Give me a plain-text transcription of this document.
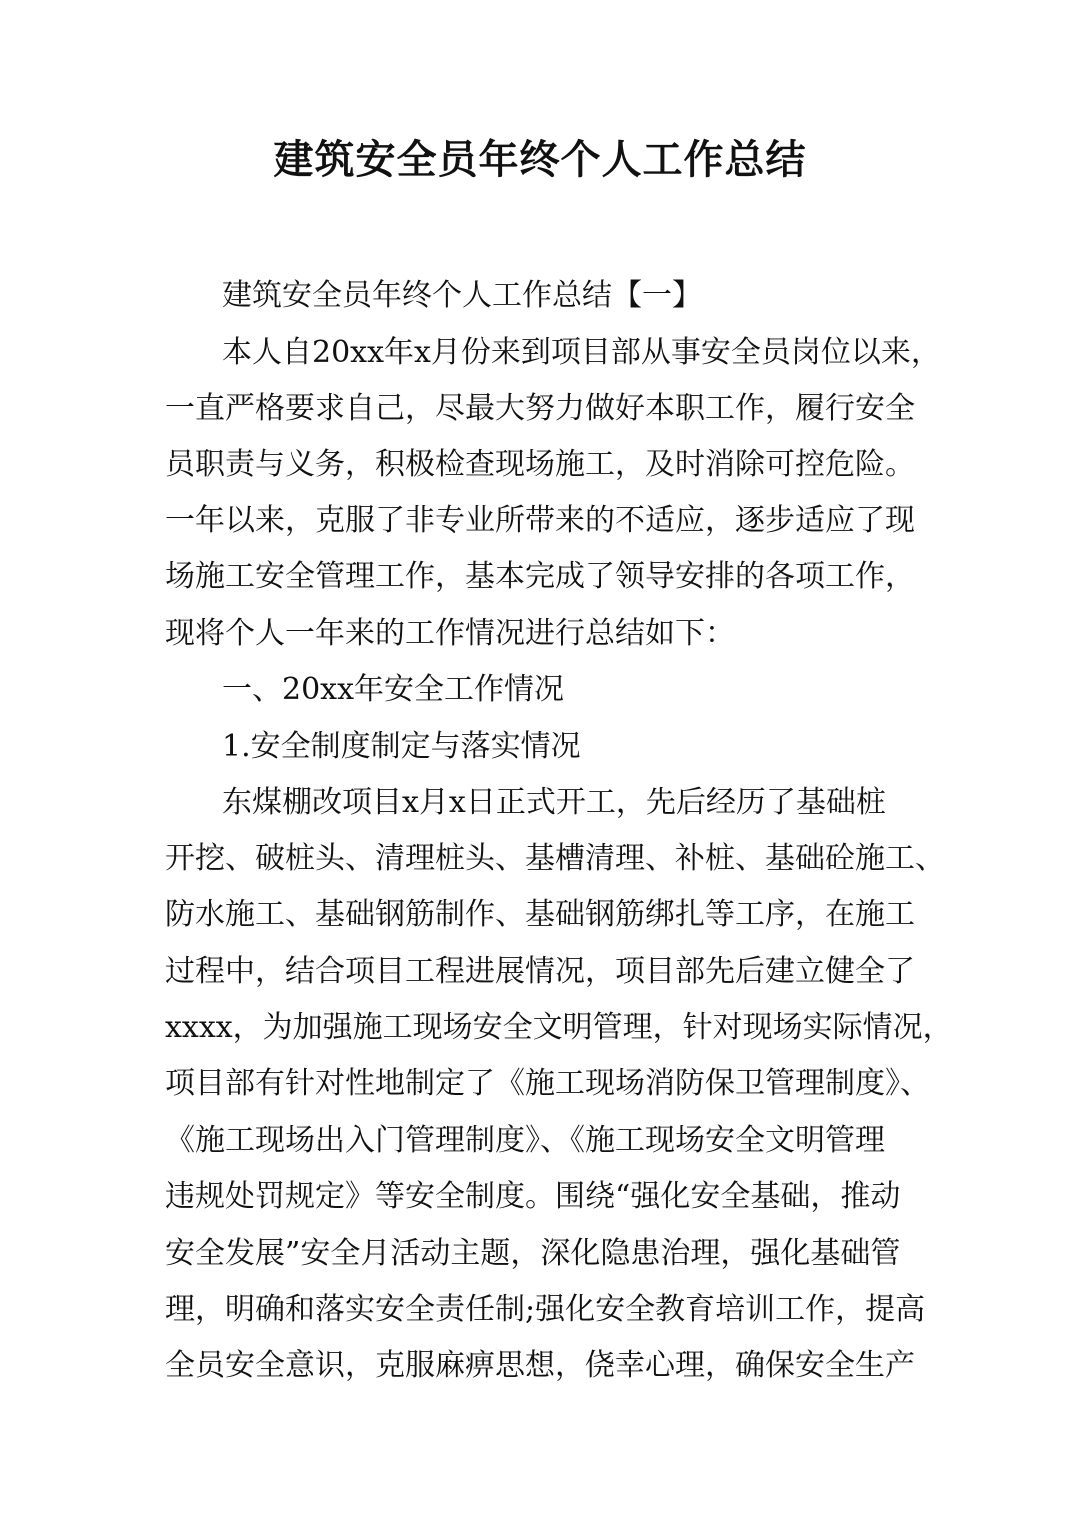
建筑安全员年终个人工作总结

建筑安全员年终个人工作总结【一】

本人自20xx年x月份来到项目部从事安全员岗位以来，

一直严格要求自己，尽最大努力做好本职工作，履行安全

员职责与义务，积极检查现场施工，及时消除可控危险。

一年以来，克服了非专业所带来的不适应，逐步适应了现

场施工安全管理工作，基本完成了领导安排的各项工作，

现将个人一年来的工作情况进行总结如下：

一、20xx年安全工作情况

1.安全制度制定与落实情况

东煤棚改项目x月x日正式开工，先后经历了基础桩

开挖、破桩头、清理桩头、基槽清理、补桩、基础砼施工、

防水施工、基础钢筋制作、基础钢筋绑扎等工序，在施工

过程中，结合项目工程进展情况，项目部先后建立健全了

xxxx，为加强施工现场安全文明管理，针对现场实际情况，

项目部有针对性地制定了《施工现场消防保卫管理制度》、

《施工现场出入门管理制度》、《施工现场安全文明管理

违规处罚规定》等安全制度。围绕“强化安全基础，推动

安全发展”安全月活动主题，深化隐患治理，强化基础管

理，明确和落实安全责任制;强化安全教育培训工作，提高

全员安全意识，克服麻痹思想，侥幸心理，确保安全生产
